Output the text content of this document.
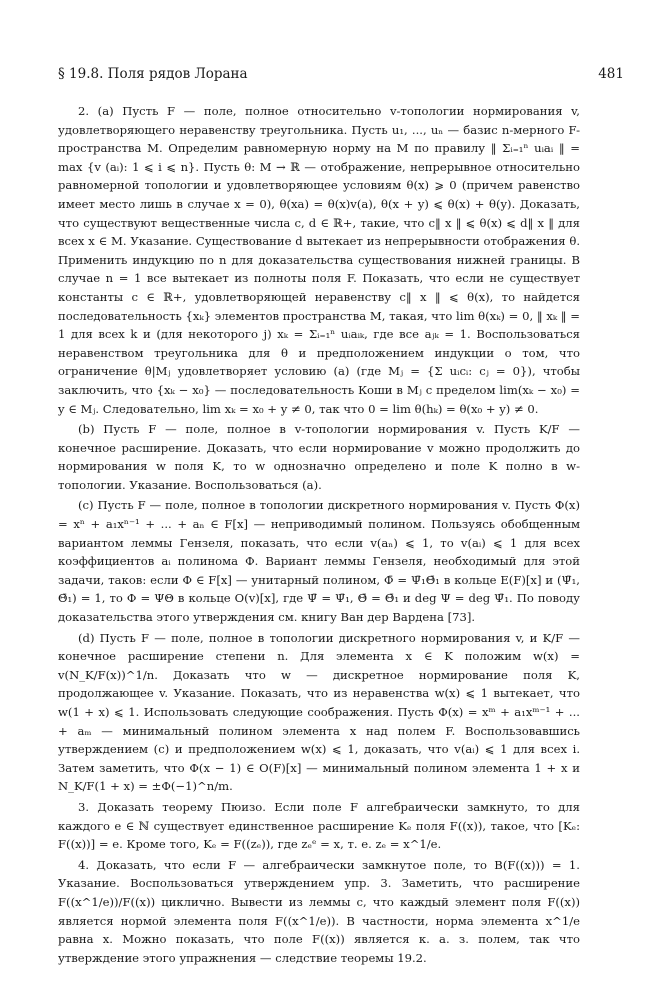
§ 19.8. Поля рядов Лорана	481

2. (а) Пусть F — поле, полное относительно v-топологии нормирования v, удовлетворяющего неравенству треугольника. Пусть u₁, ..., uₙ — базис n-мерного F-пространства M. Определим равномерную норму на M по правилу ‖ Σᵢ₌₁ⁿ uᵢaᵢ ‖ = max {v (aᵢ): 1 ⩽ i ⩽ n}. Пусть θ: M → ℝ — отображение, непрерывное относительно равномерной топологии и удовлетворяющее условиям θ(x) ⩾ 0 (причем равенство имеет место лишь в случае x = 0), θ(xa) = θ(x)v(a), θ(x + y) ⩽ θ(x) + θ(y). Доказать, что существуют вещественные числа c, d ∈ ℝ+, такие, что c‖ x ‖ ⩽ θ(x) ⩽ d‖ x ‖ для всех x ∈ M. Указание. Существование d вытекает из непрерывности отображения θ. Применить индукцию по n для доказательства существования нижней границы. В случае n = 1 все вытекает из полноты поля F. Показать, что если не существует константы c ∈ ℝ+, удовлетворяющей неравенству c‖ x ‖ ⩽ θ(x), то найдется последовательность {xₖ} элементов пространства M, такая, что lim θ(xₖ) = 0, ‖ xₖ ‖ = 1 для всех k и (для некоторого j) xₖ = Σᵢ₌₁ⁿ uᵢaᵢₖ, где все aⱼₖ = 1. Воспользоваться неравенством треугольника для θ и предположением индукции о том, что ограничение θ|Mⱼ удовлетворяет условию (a) (где Mⱼ = {Σ uᵢcᵢ: cⱼ = 0}), чтобы заключить, что {xₖ − x₀} — последовательность Коши в Mⱼ с пределом lim(xₖ − x₀) = y ∈ Mⱼ. Следовательно, lim xₖ = x₀ + y ≠ 0, так что 0 = lim θ(hₖ) = θ(x₀ + y) ≠ 0.

(b) Пусть F — поле, полное в v-топологии нормирования v. Пусть K/F — конечное расширение. Доказать, что если нормирование v можно продолжить до нормирования w поля K, то w однозначно определено и поле K полно в w-топологии. Указание. Воспользоваться (a).

(c) Пусть F — поле, полное в топологии дискретного нормирования v. Пусть Φ(x) = xⁿ + a₁xⁿ⁻¹ + ... + aₙ ∈ F[x] — неприводимый полином. Пользуясь обобщенным вариантом леммы Гензеля, показать, что если v(aₙ) ⩽ 1, то v(aᵢ) ⩽ 1 для всех коэффициентов aᵢ полинома Φ. Вариант леммы Гензеля, необходимый для этой задачи, таков: если Φ ∈ F[x] — унитарный полином, Φ̄ = Ψ̄₁Θ̄₁ в кольце E(F)[x] и (Ψ̄₁, Θ̄₁) = 1, то Φ = ΨΘ в кольце O(v)[x], где Ψ̄ = Ψ̄₁, Θ̄ = Θ̄₁ и deg Ψ = deg Ψ̄₁. По поводу доказательства этого утверждения см. книгу Ван дер Вардена [73].

(d) Пусть F — поле, полное в топологии дискретного нормирования v, и K/F — конечное расширение степени n. Для элемента x ∈ K положим w(x) = v(N_K/F(x))^1/n. Доказать что w — дискретное нормирование поля K, продолжающее v. Указание. Показать, что из неравенства w(x) ⩽ 1 вытекает, что w(1 + x) ⩽ 1. Использовать следующие соображения. Пусть Φ(x) = xᵐ + a₁xᵐ⁻¹ + ... + aₘ — минимальный полином элемента x над полем F. Воспользовавшись утверждением (c) и предположением w(x) ⩽ 1, доказать, что v(aᵢ) ⩽ 1 для всех i. Затем заметить, что Φ(x − 1) ∈ O(F)[x] — минимальный полином элемента 1 + x и N_K/F(1 + x) = ±Φ(−1)^n/m.

3. Доказать теорему Пюизо. Если поле F алгебраически замкнуто, то для каждого e ∈ ℕ существует единственное расширение Kₑ поля F((x)), такое, что [Kₑ: F((x))] = e. Кроме того, Kₑ = F((zₑ)), где zₑᵉ = x, т. е. zₑ = x^1/e.

4. Доказать, что если F — алгебраически замкнутое поле, то B(F((x))) = 1. Указание. Воспользоваться утверждением упр. 3. Заметить, что расширение F((x^1/e))/F((x)) циклично. Вывести из леммы с, что каждый элемент поля F((x)) является нормой элемента поля F((x^1/e)). В частности, норма элемента x^1/e равна x. Можно показать, что поле F((x)) является к. а. з. полем, так что утверждение этого упражнения — следствие теоремы 19.2.
